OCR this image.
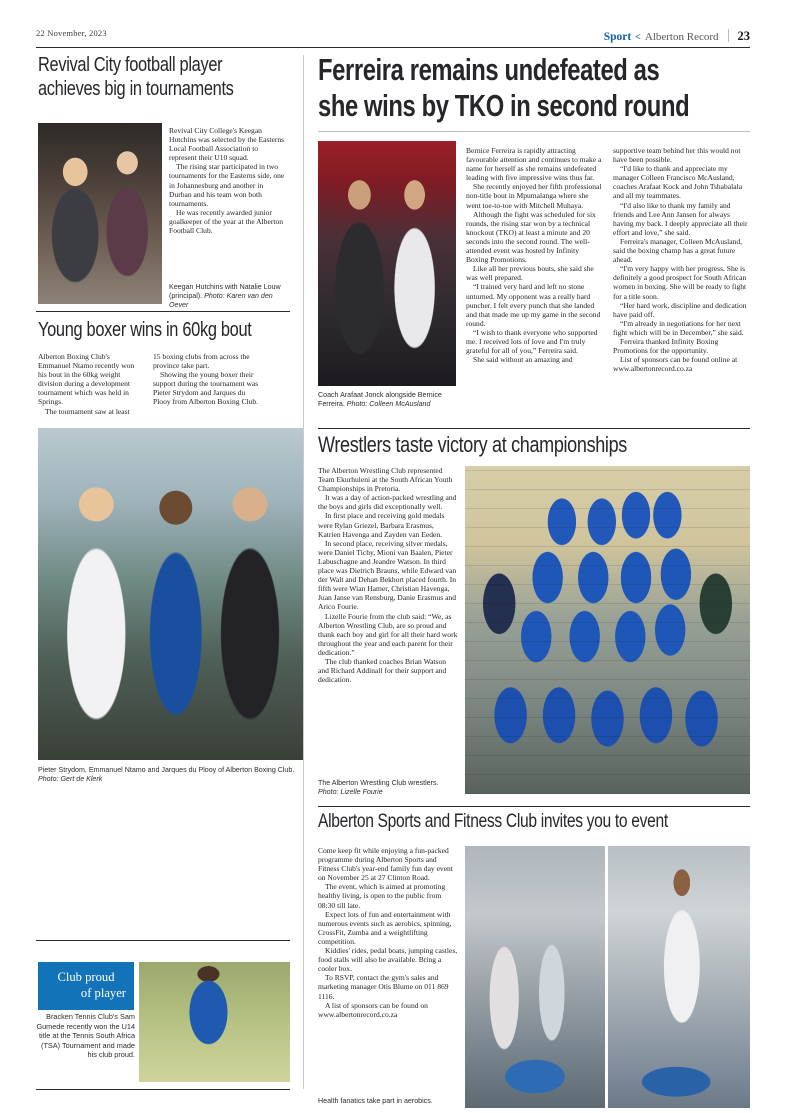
22 November, 2023	Sport < Alberton Record 23
Revival City football player
achieves big in tournaments

Revival City College's Keegan Hutchins was selected by the Easterns Local Football Association to represent their U10 squad.

The rising star participated in two tournaments for the Easterns side, one in Johannesburg and another in Durban and his team won both tournaments.

He was recently awarded junior goalkeeper of the year at the Alberton Football Club.

Keegan Hutchins with Natalie Louw (principal). Photo: Karen van den Oever
Young boxer wins in 60kg bout

Alberton Boxing Club's Emmanuel Ntamo recently won his bout in the 60kg weight division during a development tournament which was held in Springs.

The tournament saw at least

15 boxing clubs from across the province take part.

Showing the young boxer their support during the tournament was Pieter Strydom and Jarques du Plooy from Alberton Boxing Club.

Pieter Strydom, Emmanuel Ntamo and Jarques du Plooy of Alberton Boxing Club. Photo: Gert de Klerk
Club proud
of player
Bracken Tennis Club's Sam Gumede recently won the U14 title at the Tennis South Africa (TSA) Tournament and made his club proud.
Ferreira remains undefeated as
she wins by TKO in second round
Coach Arafaat Jonck alongside Bernice Ferreira. Photo: Colleen McAusland

Bernice Ferreira is rapidly attracting favourable attention and continues to make a name for herself as she remains undefeated leading with five impressive wins thus far.

She recently enjoyed her fifth professional non-title bout in Mpumalanga where she went toe-to-toe with Mitchell Muhaya.

Although the fight was scheduled for six rounds, the rising star won by a technical knockout (TKO) at least a minute and 20 seconds into the second round. The well-attended event was hosted by Infinity Boxing Promotions.

Like all her previous bouts, she said she was well prepared.

“I trained very hard and left no stone unturned. My opponent was a really hard puncher. I felt every punch that she landed and that made me up my game in the second round.

“I wish to thank everyone who supported me. I received lots of love and I'm truly grateful for all of you,” Ferreira said.

She said without an amazing and

supportive team behind her this would not have been possible.

“I'd like to thank and appreciate my manager Colleen Francisco McAusland, coaches Arafaat Kock and John Tshabalala and all my teammates.

“I'd also like to thank my family and friends and Lee Ann Jansen for always having my back. I deeply appreciate all their effort and love,” she said.

Ferreira's manager, Colleen McAusland, said the boxing champ has a great future ahead.

“I'm very happy with her progress. She is definitely a good prospect for South African women in boxing. She will be ready to fight for a title soon.

“Her hard work, discipline and dedication have paid off.

“I'm already in negotiations for her next fight which will be in December,” she said.

Ferreira thanked Infinity Boxing Promotions for the opportunity.

List of sponsors can be found online at www.albertonrecord.co.za

Wrestlers taste victory at championships

The Alberton Wrestling Club represented Team Ekurhuleni at the South African Youth Championships in Pretoria.

It was a day of action-packed wrestling and the boys and girls did exceptionally well.

In first place and receiving gold medals were Rylan Griezel, Barbara Erasmus, Katrien Havenga and Zayden van Eeden.

In second place, receiving silver medals, were Daniel Tichy, Mioni van Baalen, Pieter Labuschagne and Jeandre Watson. In third place was Dietrich Brauns, while Edward van der Walt and Dehan Bekhort placed fourth. In fifth were Wian Hamer, Christian Havenga, Juan Janse van Rensburg, Danie Erasmus and Arico Fourie.

Lizelle Fourie from the club said: “We, as Alberton Wrestling Club, are so proud and thank each boy and girl for all their hard work throughout the year and each parent for their dedication.”

The club thanked coaches Brian Watson and Richard Addinall for their support and dedication.

The Alberton Wrestling Club wrestlers. Photo: Lizelle Fourie
Alberton Sports and Fitness Club invites you to event

Come keep fit while enjoying a fun-packed programme during Alberton Sports and Fitness Club's year-end family fun day event on November 25 at 27 Clinton Road.

The event, which is aimed at promoting healthy living, is open to the public from 08:30 till late.

Expect lots of fun and entertainment with numerous events such as aerobics, spinning, CrossFit, Zumba and a weightlifting competition.

Kiddies' rides, pedal boats, jumping castles, food stalls will also be available. Bring a cooler box.

To RSVP, contact the gym's sales and marketing manager Otis Blume on 011 869 1116.

A list of sponsors can be found on www.albertonrecord.co.za

Health fanatics take part in aerobics.
